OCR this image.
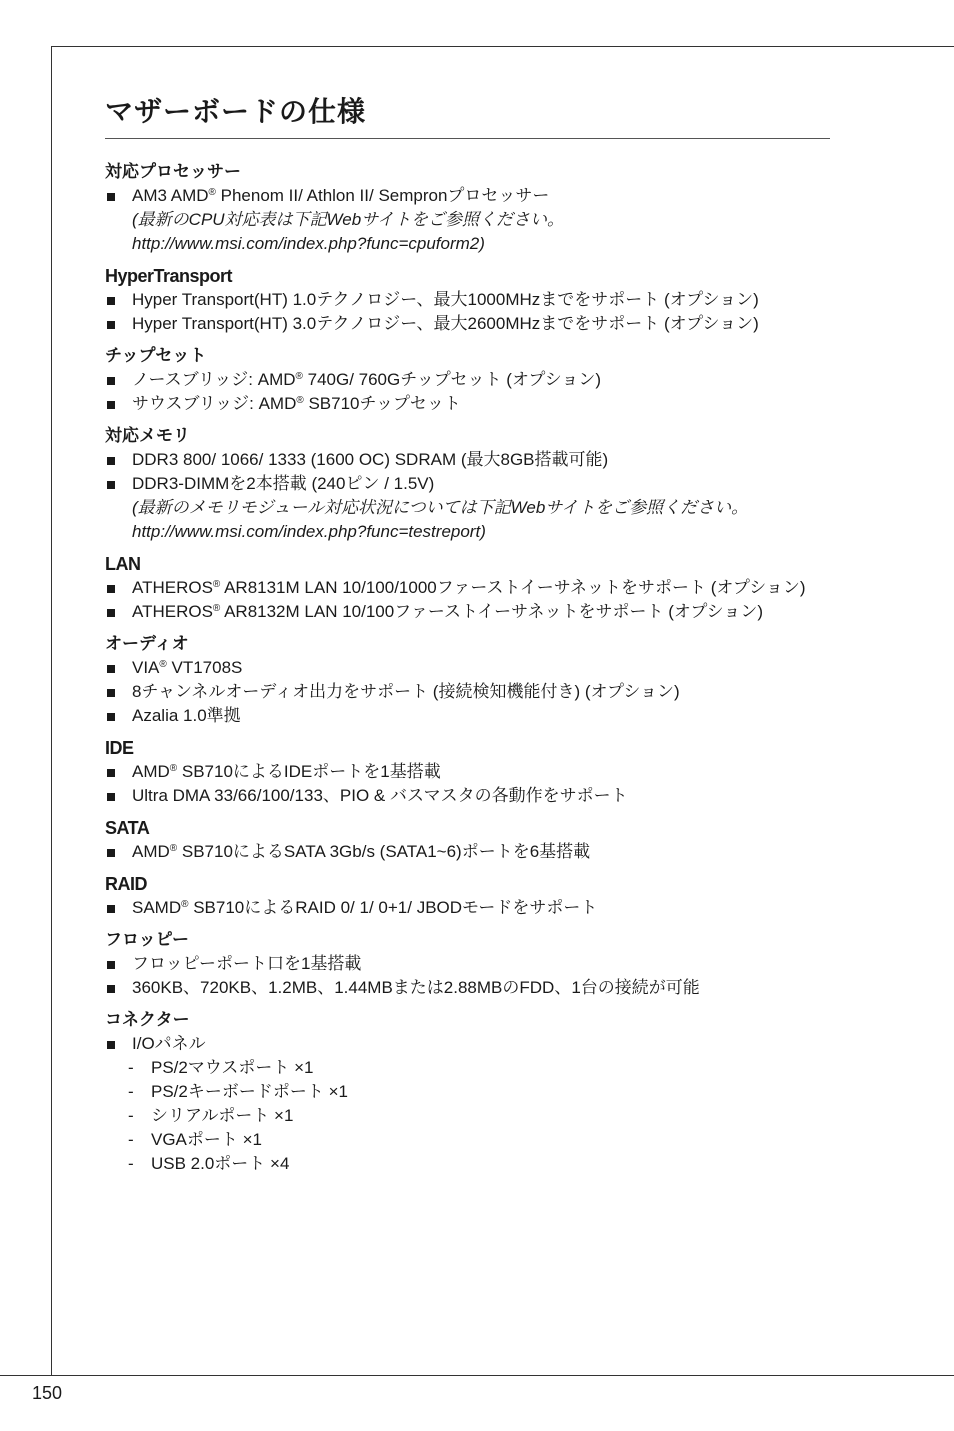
マザーボードの仕様
対応プロセッサー
AM3 AMD® Phenom II/ Athlon II/ Sempronプロセッサー
(最新のCPU対応表は下記Webサイトをご参照ください。
http://www.msi.com/index.php?func=cpuform2)
HyperTransport
Hyper Transport(HT) 1.0テクノロジー、最大1000MHzまでをサポート (オプション)
Hyper Transport(HT) 3.0テクノロジー、最大2600MHzまでをサポート (オプション)
チップセット
ノースブリッジ: AMD® 740G/ 760Gチップセット (オプション)
サウスブリッジ: AMD® SB710チップセット
対応メモリ
DDR3 800/ 1066/ 1333 (1600 OC) SDRAM (最大8GB搭載可能)
DDR3-DIMMを2本搭載 (240ピン / 1.5V)
(最新のメモリモジュール対応状況については下記Webサイトをご参照ください。http://www.msi.com/index.php?func=testreport)
LAN
ATHEROS® AR8131M LAN 10/100/1000ファーストイーサネットをサポート (オプション)
ATHEROS® AR8132M LAN 10/100ファーストイーサネットをサポート (オプション)
オーディオ
VIA® VT1708S
8チャンネルオーディオ出力をサポート (接続検知機能付き) (オプション)
Azalia 1.0準拠
IDE
AMD® SB710によるIDEポートを1基搭載
Ultra DMA 33/66/100/133、PIO & バスマスタの各動作をサポート
SATA
AMD® SB710によるSATA 3Gb/s (SATA1~6)ポートを6基搭載
RAID
SAMD® SB710によるRAID 0/ 1/ 0+1/ JBODモードをサポート
フロッピー
フロッピーポート口を1基搭載
360KB、720KB、1.2MB、1.44MBまたは2.88MBのFDD、1台の接続が可能
コネクター
I/Oパネル
- PS/2マウスポート ×1
- PS/2キーボードポート ×1
- シリアルポート ×1
- VGAポート ×1
- USB 2.0ポート ×4
150
